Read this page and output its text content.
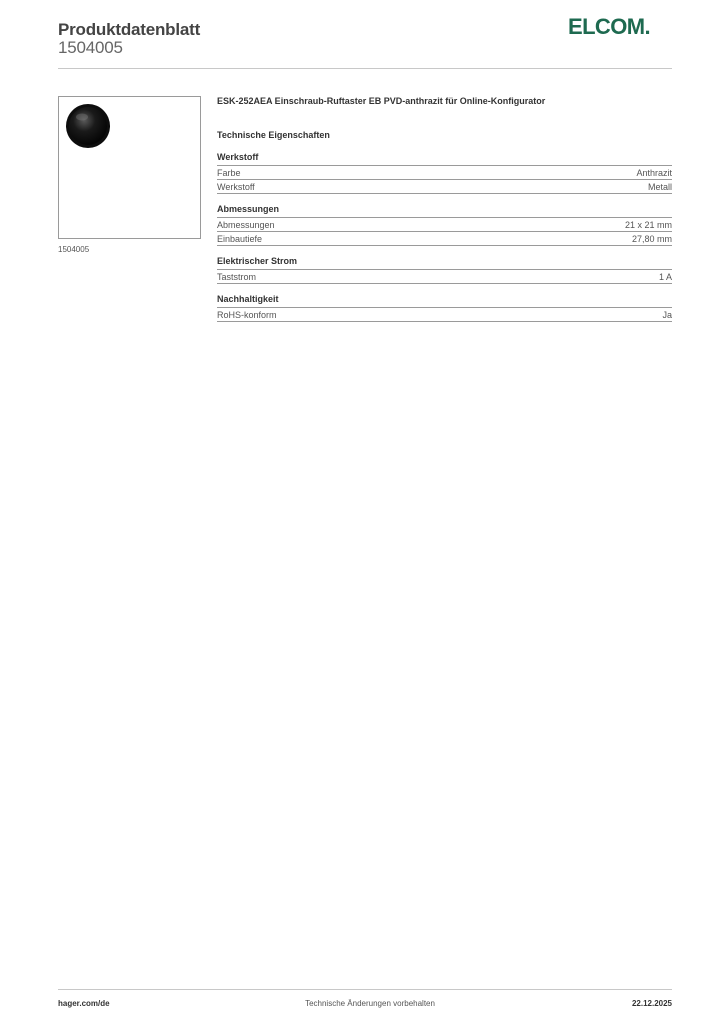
Produktdatenblatt
1504005
ELCOM.
1504005
ESK-252AEA Einschraub-Ruftaster EB PVD-anthrazit für Online-Konfigurator
Technische Eigenschaften
Werkstoff
Farbe	Anthrazit
Werkstoff	Metall
Abmessungen
Abmessungen	21 x 21 mm
Einbautiefe	27,80 mm
Elektrischer Strom
Taststrom	1 A
Nachhaltigkeit
RoHS-konform	Ja
hager.com/de	Technische Änderungen vorbehalten	22.12.2025
